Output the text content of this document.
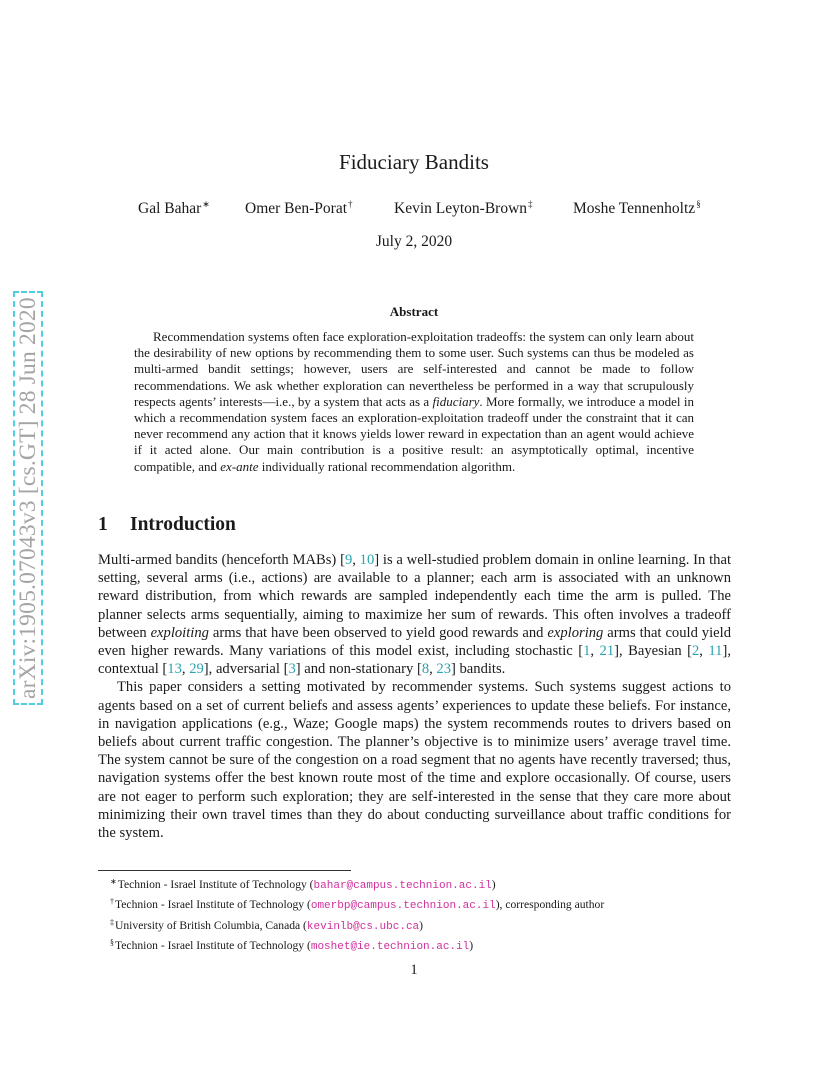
arXiv:1905.07043v3 [cs.GT] 28 Jun 2020
Fiduciary Bandits
Gal Bahar∗ Omer Ben-Porat†	Kevin Leyton-Brown‡	Moshe Tennenholtz§
July 2, 2020
Abstract

Recommendation systems often face exploration-exploitation tradeoffs: the system can only learn about the desirability of new options by recommending them to some user. Such systems can thus be modeled as multi-armed bandit settings; however, users are self-interested and cannot be made to follow recommendations. We ask whether exploration can nevertheless be performed in a way that scrupulously respects agents’ interests—i.e., by a system that acts as a fiduciary. More formally, we introduce a model in which a recommendation system faces an exploration-exploitation tradeoff under the constraint that it can never recommend any action that it knows yields lower reward in expectation than an agent would achieve if it acted alone. Our main contribution is a positive result: an asymptotically optimal, incentive compatible, and ex-ante individually rational recommendation algorithm.

1 Introduction

Multi-armed bandits (henceforth MABs) [9, 10] is a well-studied problem domain in online learning. In that setting, several arms (i.e., actions) are available to a planner; each arm is associated with an unknown reward distribution, from which rewards are sampled independently each time the arm is pulled. The planner selects arms sequentially, aiming to maximize her sum of rewards. This often involves a tradeoff between exploiting arms that have been observed to yield good rewards and exploring arms that could yield even higher rewards. Many variations of this model exist, including stochastic [1, 21], Bayesian [2, 11], contextual [13, 29], adversarial [3] and non-stationary [8, 23] bandits.

This paper considers a setting motivated by recommender systems. Such systems suggest actions to agents based on a set of current beliefs and assess agents’ experiences to update these beliefs. For instance, in navigation applications (e.g., Waze; Google maps) the system recommends routes to drivers based on beliefs about current traffic congestion. The planner’s objective is to minimize users’ average travel time. The system cannot be sure of the congestion on a road segment that no agents have recently traversed; thus, navigation systems offer the best known route most of the time and explore occasionally. Of course, users are not eager to perform such exploration; they are self-interested in the sense that they care more about minimizing their own travel times than they do about conducting surveillance about traffic conditions for the system.

∗Technion - Israel Institute of Technology (bahar@campus.technion.ac.il)
†Technion - Israel Institute of Technology (omerbp@campus.technion.ac.il), corresponding author
‡University of British Columbia, Canada (kevinlb@cs.ubc.ca)
§Technion - Israel Institute of Technology (moshet@ie.technion.ac.il)
1
